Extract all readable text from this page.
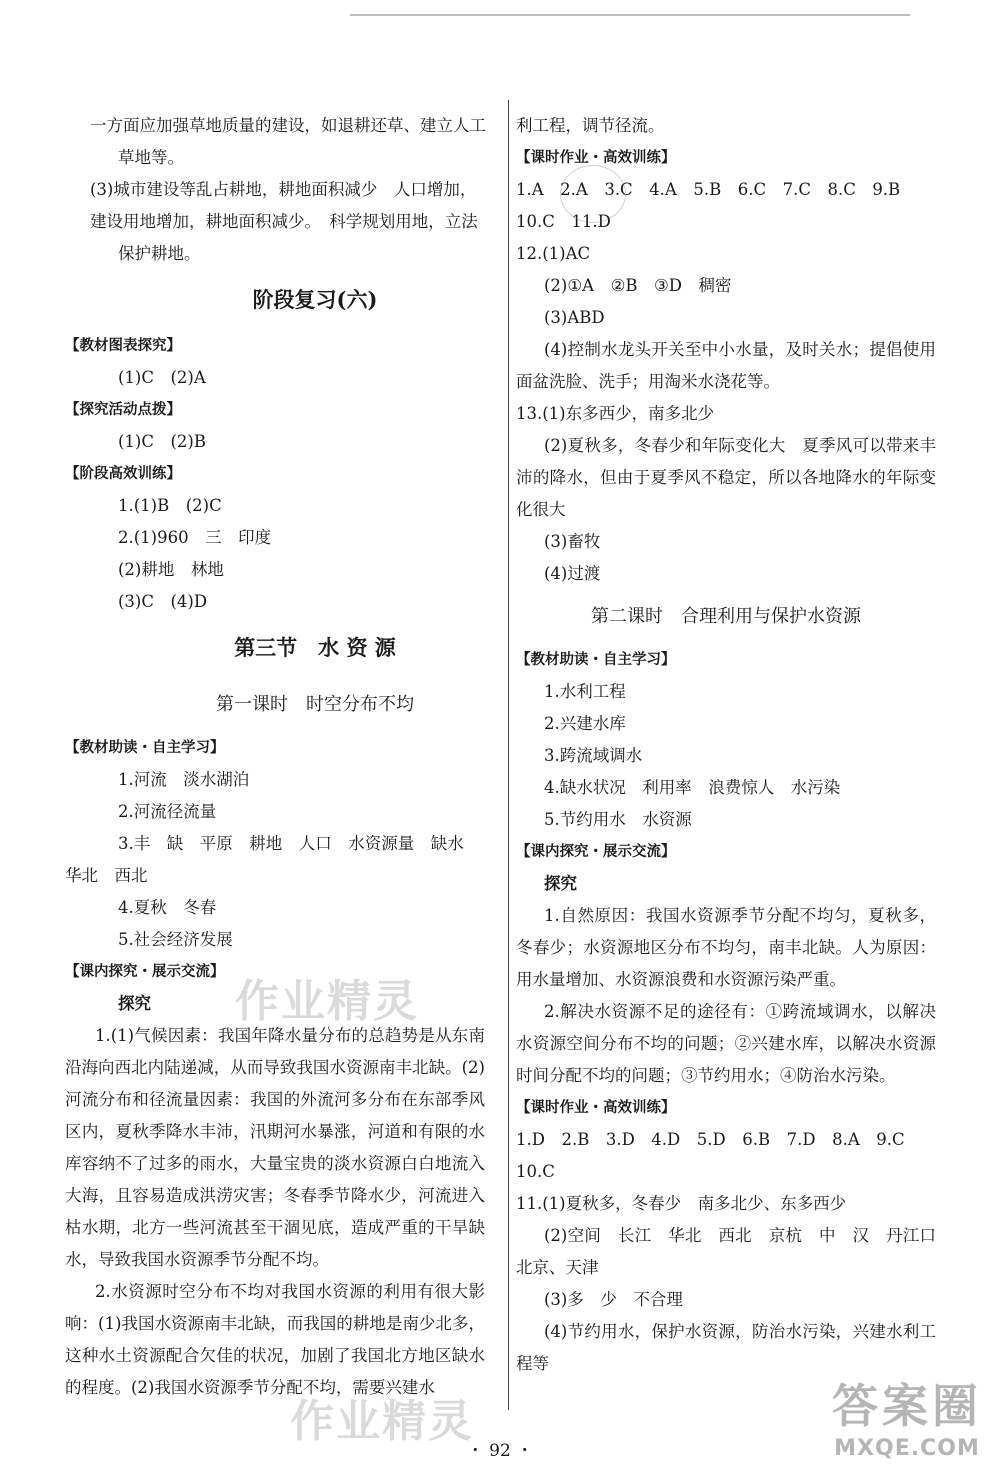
一方面应加强草地质量的建设，如退耕还草、建立人工
草地等。
(3)城市建设等乱占耕地，耕地面积减少　人口增加，
建设用地增加，耕地面积减少。　科学规划用地，立法
保护耕地。
阶段复习(六)
【教材图表探究】
(1)C　(2)A
【探究活动点拨】
(1)C　(2)B
【阶段高效训练】
1.(1)B　(2)C
2.(1)960　三　印度
(2)耕地　林地
(3)C　(4)D
第三节　水 资 源
第一课时　时空分布不均
【教材助读・自主学习】
1.河流　淡水湖泊
2.河流径流量
3.丰　缺　平原　耕地　人口　水资源量　缺水
华北　西北
4.夏秋　冬春
5.社会经济发展
【课内探究・展示交流】
探究
1.(1)气候因素：我国年降水量分布的总趋势是从东南沿海向西北内陆递减，从而导致我国水资源南丰北缺。(2)河流分布和径流量因素：我国的外流河多分布在东部季风区内，夏秋季降水丰沛，汛期河水暴涨，河道和有限的水库容纳不了过多的雨水，大量宝贵的淡水资源白白地流入大海，且容易造成洪涝灾害；冬春季节降水少，河流进入枯水期，北方一些河流甚至干涸见底，造成严重的干旱缺水，导致我国水资源季节分配不均。
2.水资源时空分布不均对我国水资源的利用有很大影响：(1)我国水资源南丰北缺，而我国的耕地是南少北多，这种水土资源配合欠佳的状况，加剧了我国北方地区缺水的程度。(2)我国水资源季节分配不均，需要兴建水
利工程，调节径流。
【课时作业・高效训练】
1.A　2.A　3.C　4.A　5.B　6.C　7.C　8.C　9.B
10.C　11.D
12.(1)AC
(2)①A　②B　③D　稠密
(3)ABD
(4)控制水龙头开关至中小水量，及时关水；提倡使用面盆洗脸、洗手；用淘米水浇花等。
13.(1)东多西少，南多北少
(2)夏秋多，冬春少和年际变化大　夏季风可以带来丰沛的降水，但由于夏季风不稳定，所以各地降水的年际变化很大
(3)畜牧
(4)过渡
第二课时　合理利用与保护水资源
【教材助读・自主学习】
1.水利工程
2.兴建水库
3.跨流域调水
4.缺水状况　利用率　浪费惊人　水污染
5.节约用水　水资源
【课内探究・展示交流】
探究
1.自然原因：我国水资源季节分配不均匀，夏秋多，冬春少；水资源地区分布不均匀，南丰北缺。人为原因：用水量增加、水资源浪费和水资源污染严重。
2.解决水资源不足的途径有：①跨流域调水，以解决水资源空间分布不均的问题；②兴建水库，以解决水资源时间分配不均的问题；③节约用水；④防治水污染。
【课时作业・高效训练】
1.D　2.B　3.D　4.D　5.D　6.B　7.D　8.A　9.C
10.C
11.(1)夏秋多，冬春少　南多北少、东多西少
(2)空间　长江　华北　西北　京杭　中　汉　丹江口　北京、天津
(3)多　少　不合理
(4)节约用水，保护水资源，防治水污染，兴建水利工程等
作业精灵
作业精灵
・ 92 ・
答案圈
MXQE.COM
